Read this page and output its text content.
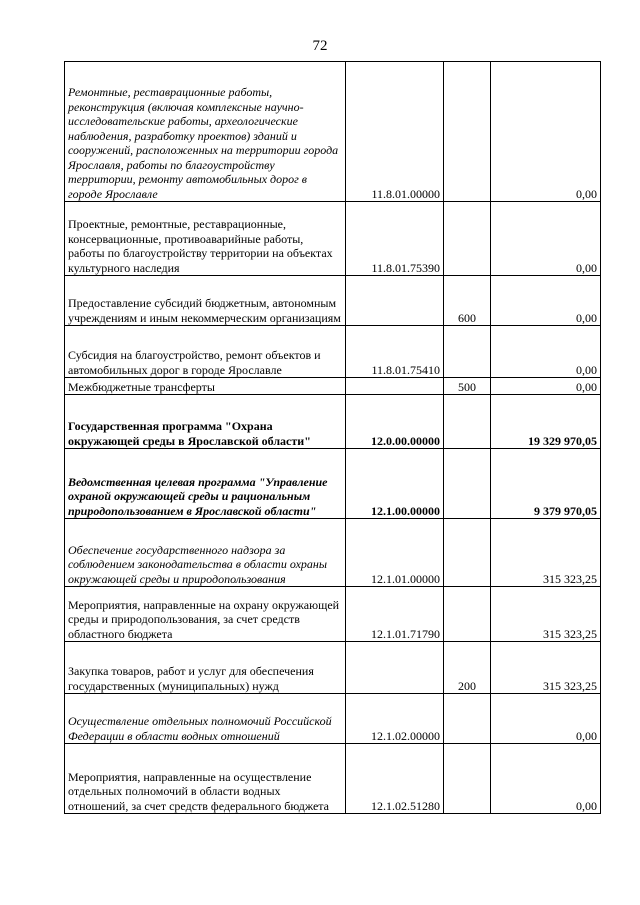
72
Ремонтные, реставрационные работы, реконструкция (включая комплексные научно-исследовательские работы, археологические наблюдения, разработку проектов) зданий и сооружений, расположенных на территории города Ярославля, работы по благоустройству территории, ремонту автомобильных дорог в городе Ярославле	11.8.01.00000		0,00
Проектные, ремонтные, реставрационные, консервационные, противоаварийные работы, работы по благоустройству территории на объектах культурного наследия	11.8.01.75390		0,00
Предоставление субсидий бюджетным, автономным учреждениям и иным некоммерческим организациям		600	0,00
Субсидия на благоустройство, ремонт объектов и автомобильных дорог в городе Ярославле	11.8.01.75410		0,00
Межбюджетные трансферты		500	0,00
Государственная программа "Охрана окружающей среды в Ярославской области"	12.0.00.00000		19 329 970,05
Ведомственная целевая программа "Управление охраной окружающей среды и рациональным природопользованием в Ярославской области"	12.1.00.00000		9 379 970,05
Обеспечение государственного надзора за соблюдением законодательства в области охраны окружающей среды и природопользования	12.1.01.00000		315 323,25
Мероприятия, направленные на охрану окружающей среды и природопользования, за счет средств областного бюджета	12.1.01.71790		315 323,25
Закупка товаров, работ и услуг для обеспечения государственных (муниципальных) нужд		200	315 323,25
Осуществление отдельных полномочий Российской Федерации в области водных отношений	12.1.02.00000		0,00
Мероприятия, направленные на осуществление отдельных полномочий в области водных отношений, за счет средств федерального бюджета	12.1.02.51280		0,00
